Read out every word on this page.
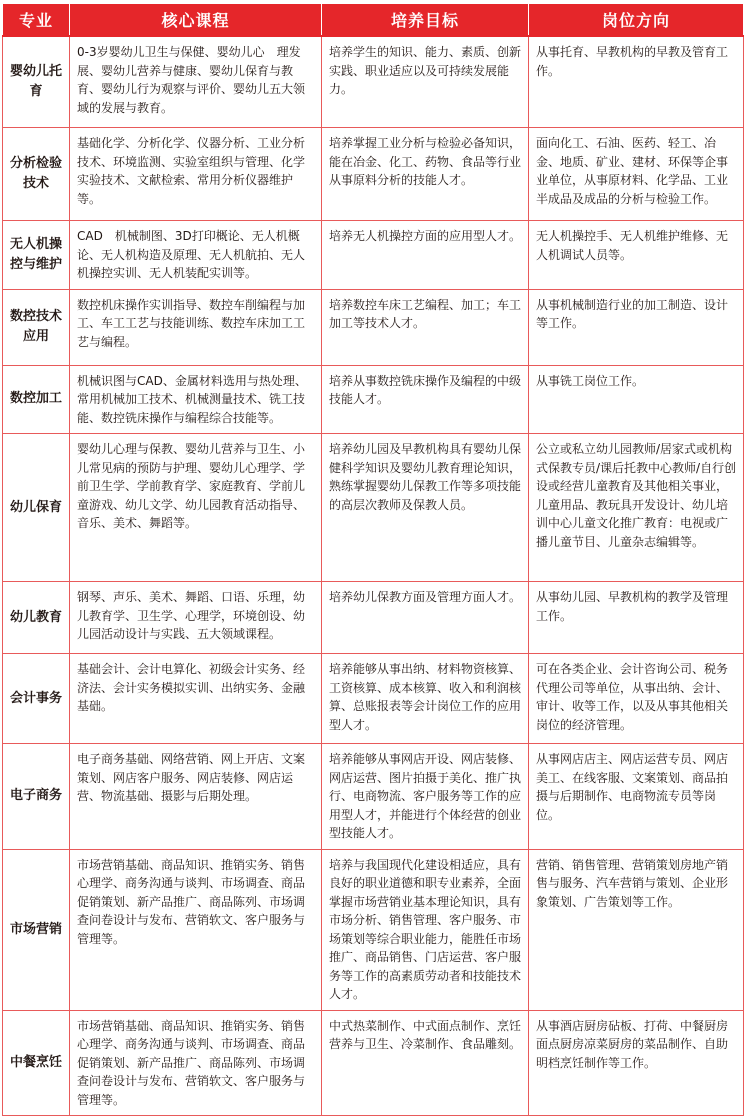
专业	核心课程	培养目标	岗位方向
婴幼儿托育	0-3岁婴幼儿卫生与保健、婴幼儿心　理发展、婴幼儿营养与健康、婴幼儿保育与教育、婴幼儿行为观察与评价、婴幼儿五大领域的发展与教育。	培养学生的知识、能力、素质、创新实践、职业适应以及可持续发展能力。	从事托育、早教机构的早教及管育工作。
分析检验技术	基础化学、分析化学、仪器分析、工业分析技术、环境监测、实验室组织与管理、化学实验技术、文献检索、常用分析仪器维护等。	培养掌握工业分析与检验必备知识，能在冶金、化工、药物、食品等行业从事原料分析的技能人才。	面向化工、石油、医药、轻工、冶金、地质、矿业、建材、环保等企事业单位，从事原材料、化学品、工业半成品及成品的分析与检验工作。
无人机操控与维护	CAD　机械制图、3D打印概论、无人机概论、无人机构造及原理、无人机航拍、无人机操控实训、无人机装配实训等。	培养无人机操控方面的应用型人才。	无人机操控手、无人机维护维修、无人机调试人员等。
数控技术应用	数控机床操作实训指导、数控车削编程与加工、车工工艺与技能训练、数控车床加工工艺与编程。	培养数控车床工艺编程、加工；车工加工等技术人才。	从事机械制造行业的加工制造、设计等工作。
数控加工	机械识图与CAD、金属材料选用与热处理、常用机械加工技术、机械测量技术、铣工技能、数控铣床操作与编程综合技能等。	培养从事数控铣床操作及编程的中级技能人才。	从事铣工岗位工作。
幼儿保育	婴幼儿心理与保教、婴幼儿营养与卫生、小儿常见病的预防与护理、婴幼儿心理学、学前卫生学、学前教育学、家庭教育、学前儿童游戏、幼儿文学、幼儿园教育活动指导、音乐、美术、舞蹈等。	培养幼儿园及早教机构具有婴幼儿保健科学知识及婴幼儿教育理论知识，熟练掌握婴幼儿保教工作等多项技能的高层次教师及保教人员。	公立或私立幼儿园教师/居家式或机构式保教专员/课后托教中心教师/自行创设或经营儿童教育及其他相关事业，儿童用品、教玩具开发设计、幼儿培训中心儿童文化推广教育：电视或广播儿童节目、儿童杂志编辑等。
幼儿教育	钢琴、声乐、美术、舞蹈、口语、乐理，幼儿教育学、卫生学、心理学，环境创设、幼儿园活动设计与实践、五大领域课程。	培养幼儿保教方面及管理方面人才。	从事幼儿园、早教机构的教学及管理工作。
会计事务	基础会计、会计电算化、初级会计实务、经济法、会计实务模拟实训、出纳实务、金融基础。	培养能够从事出纳、材料物资核算、工资核算、成本核算、收入和利润核算、总账报表等会计岗位工作的应用型人才。	可在各类企业、会计咨询公司、税务代理公司等单位，从事出纳、会计、审计、收等工作，以及从事其他相关岗位的经济管理。
电子商务	电子商务基础、网络营销、网上开店、文案策划、网店客户服务、网店装修、网店运营、物流基础、摄影与后期处理。	培养能够从事网店开设、网店装修、网店运营、图片拍摄于美化、推广执行、电商物流、客户服务等工作的应用型人才，并能进行个体经营的创业型技能人才。	从事网店店主、网店运营专员、网店美工、在线客服、文案策划、商品拍摄与后期制作、电商物流专员等岗位。
市场营销	市场营销基础、商品知识、推销实务、销售心理学、商务沟通与谈判、市场调查、商品促销策划、新产品推广、商品陈列、市场调查问卷设计与发布、营销软文、客户服务与管理等。	培养与我国现代化建设相适应，具有良好的职业道德和职专业素养，全面掌握市场营销业基本理论知识，具有市场分析、销售管理、客户服务、市场策划等综合职业能力，能胜任市场推广、商品销售、门店运营、客户服务等工作的高素质劳动者和技能技术人才。	营销、销售管理、营销策划房地产销售与服务、汽车营销与策划、企业形象策划、广告策划等工作。
中餐烹饪	市场营销基础、商品知识、推销实务、销售心理学、商务沟通与谈判、市场调查、商品促销策划、新产品推广、商品陈列、市场调查问卷设计与发布、营销软文、客户服务与管理等。	中式热菜制作、中式面点制作、烹饪营养与卫生、冷菜制作、食品雕刻。	从事酒店厨房砧板、打荷、中餐厨房面点厨房凉菜厨房的菜品制作、自助明档烹饪制作等工作。
